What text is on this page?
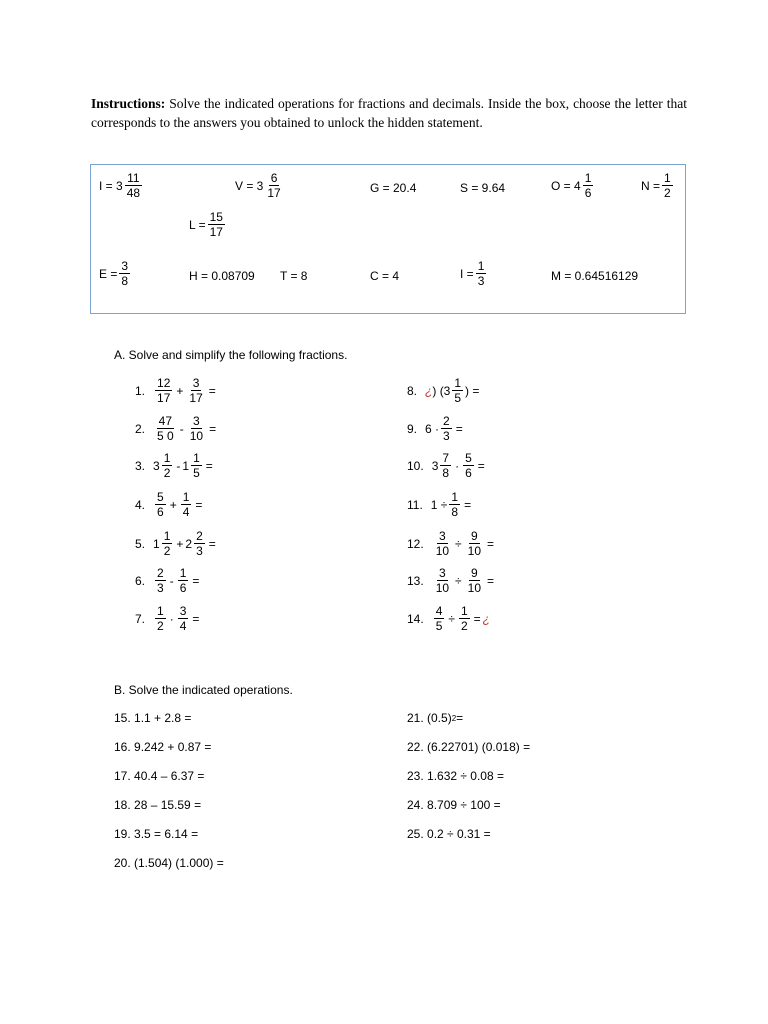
Instructions: Solve the indicated operations for fractions and decimals. Inside the box, choose the letter that corresponds to the answers you obtained to unlock the hidden statement.
$I = 3 \frac{11}{48}$	$V = 3 \frac{6}{17}$	G = 20.4	S = 9.64	$O = 4 \frac{1}{6}$	$N = \frac{1}{2}$
$L = \frac{15}{17}$
$E = \frac{3}{8}$	H = 0.08709 T = 8	C = 4	$I = \frac{1}{3}$	M = 0.64516129
A. Solve and simplify the following fractions.
1. $\frac{12}{17} + \frac{3}{17}$ =
2. $\frac{47}{5 0} - \frac{3}{10}$ =
3. $3 \frac{1}{2} - 1 \frac{1}{5}$ =
4. $\frac{5}{6} + \frac{1}{4}$ =
5. $1 \frac{1}{2} + 2 \frac{2}{3}$ =
6. $\frac{2}{3} - \frac{1}{6}$ =
7. $\frac{1}{2} \cdot \frac{3}{4}$ =
8. ¿ ) ($3 \frac{1}{5}$ ) =
9. $6 \cdot \frac{2}{3}$ =
10. $3 \frac{7}{8} \cdot \frac{5}{6}$ =
11. $1 \div \frac{1}{8}$ =
12. $\frac{3}{10} \div \frac{9}{10}$ =
13. $\frac{3}{10} \div \frac{9}{10}$ =
14. $\frac{4}{5} \div \frac{1}{2}$ = ¿
B. Solve the indicated operations.
15. 1.1 + 2.8 =
16. 9.242 + 0.87 =
17. 40.4 – 6.37 =
18. 28 – 15.59 =
19. 3.5 = 6.14 =
20. (1.504) (1.000) =
21. (0.5) 2 =
22. (6.22701) (0.018) =
23. 1.632 ÷ 0.08 =
24. 8.709 ÷ 100 =
25. 0.2 ÷ 0.31 =
